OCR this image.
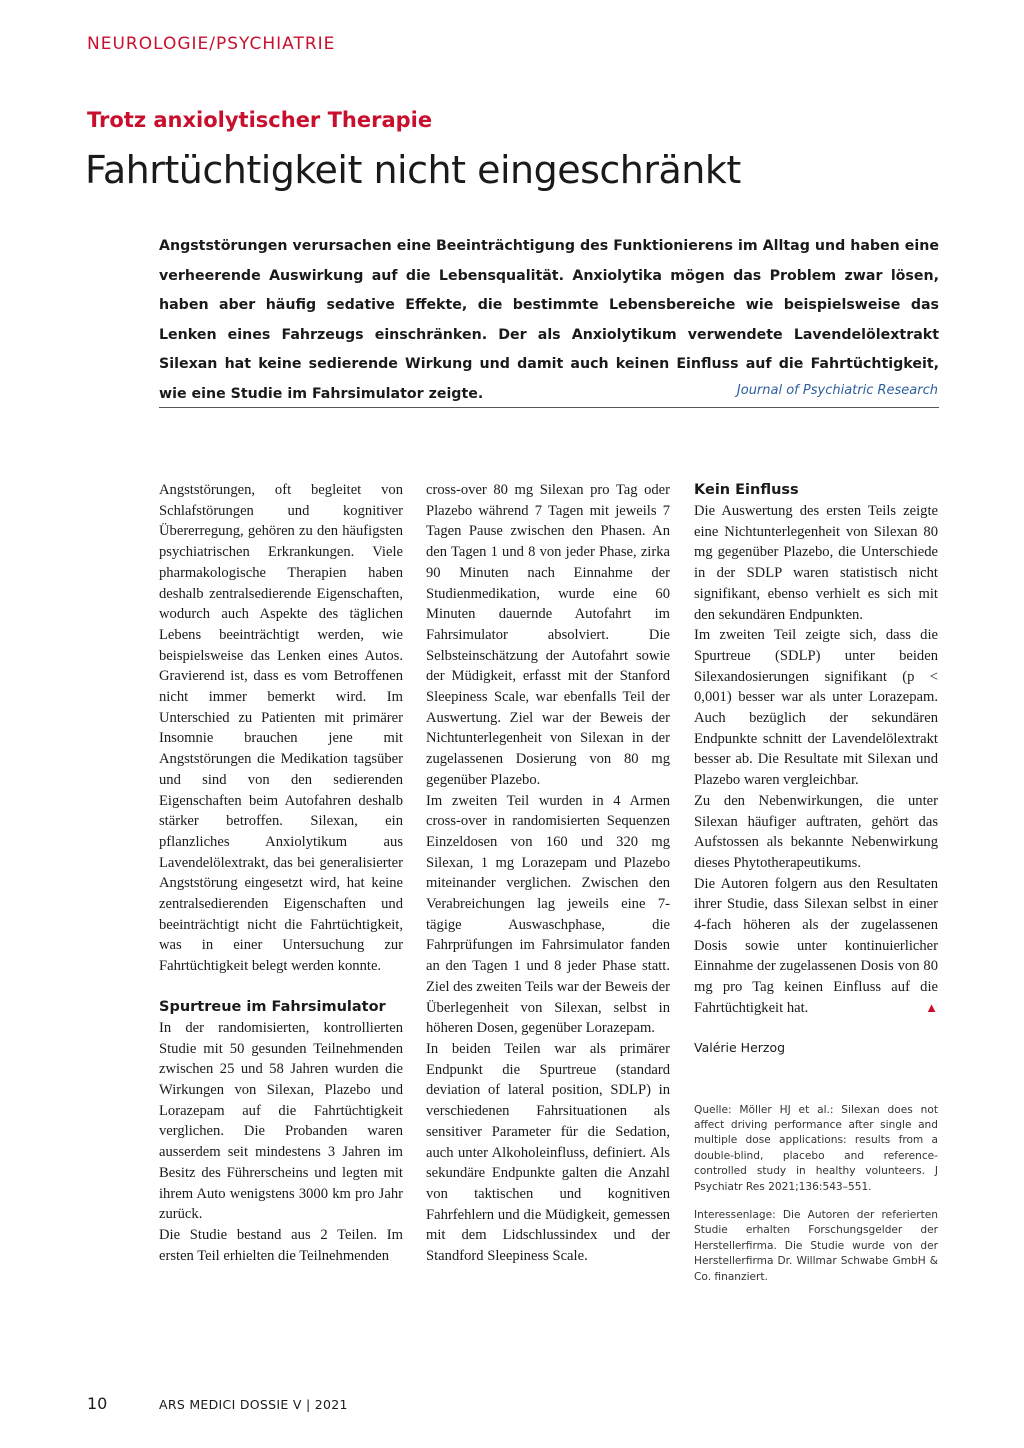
NEUROLOGIE/PSYCHIATRIE
Trotz anxiolytischer Therapie
Fahrtüchtigkeit nicht eingeschränkt
Angststörungen verursachen eine Beeinträchtigung des Funktionierens im Alltag und haben eine verheerende Auswirkung auf die Lebensqualität. Anxiolytika mögen das Problem zwar lösen, haben aber häufig sedative Effekte, die bestimmte Lebensbereiche wie beispielsweise das Lenken eines Fahrzeugs einschränken. Der als Anxiolytikum verwendete Lavendelölextrakt Silexan hat keine sedierende Wirkung und damit auch keinen Einfluss auf die Fahrtüchtigkeit, wie eine Studie im Fahrsimulator zeigte.	Journal of Psychiatric Research

Angststörungen, oft begleitet von Schlafstörungen und kognitiver Übererregung, gehören zu den häufigsten psychiatrischen Erkrankungen. Viele pharmakologische Therapien haben deshalb zentralsedierende Eigenschaften, wodurch auch Aspekte des täglichen Lebens beeinträchtigt werden, wie beispielsweise das Lenken eines Autos. Gravierend ist, dass es vom Betroffenen nicht immer bemerkt wird. Im Unterschied zu Patienten mit primärer Insomnie brauchen jene mit Angststörungen die Medikation tagsüber und sind von den sedierenden Eigenschaften beim Autofahren deshalb stärker betroffen. Silexan, ein pflanzliches Anxiolytikum aus Lavendelölextrakt, das bei generalisierter Angststörung eingesetzt wird, hat keine zentralsedierenden Eigenschaften und beeinträchtigt nicht die Fahrtüchtigkeit, was in einer Untersuchung zur Fahrtüchtigkeit belegt werden konnte.

Spurtreue im Fahrsimulator

In der randomisierten, kontrollierten Studie mit 50 gesunden Teilnehmenden zwischen 25 und 58 Jahren wurden die Wirkungen von Silexan, Plazebo und Lorazepam auf die Fahrtüchtigkeit verglichen. Die Probanden waren ausserdem seit mindestens 3 Jahren im Besitz des Führerscheins und legten mit ihrem Auto wenigstens 3000 km pro Jahr zurück.

Die Studie bestand aus 2 Teilen. Im ersten Teil erhielten die Teilnehmenden

cross-over 80 mg Silexan pro Tag oder Plazebo während 7 Tagen mit jeweils 7 Tagen Pause zwischen den Phasen. An den Tagen 1 und 8 von jeder Phase, zirka 90 Minuten nach Einnahme der Studienmedikation, wurde eine 60 Minuten dauernde Autofahrt im Fahrsimulator absolviert. Die Selbsteinschätzung der Autofahrt sowie der Müdigkeit, erfasst mit der Stanford Sleepiness Scale, war ebenfalls Teil der Auswertung. Ziel war der Beweis der Nichtunterlegenheit von Silexan in der zugelassenen Dosierung von 80 mg gegenüber Plazebo.

Im zweiten Teil wurden in 4 Armen cross-over in randomisierten Sequenzen Einzeldosen von 160 und 320 mg Silexan, 1 mg Lorazepam und Plazebo miteinander verglichen. Zwischen den Verabreichungen lag jeweils eine 7-tägige Auswaschphase, die Fahrprüfungen im Fahrsimulator fanden an den Tagen 1 und 8 jeder Phase statt. Ziel des zweiten Teils war der Beweis der Überlegenheit von Silexan, selbst in höheren Dosen, gegenüber Lorazepam.

In beiden Teilen war als primärer Endpunkt die Spurtreue (standard deviation of lateral position, SDLP) in verschiedenen Fahrsituationen als sensitiver Parameter für die Sedation, auch unter Alkoholeinfluss, definiert. Als sekundäre Endpunkte galten die Anzahl von taktischen und kognitiven Fahrfehlern und die Müdigkeit, gemessen mit dem Lidschlussindex und der Standford Sleepiness Scale.

Kein Einfluss

Die Auswertung des ersten Teils zeigte eine Nichtunterlegenheit von Silexan 80 mg gegenüber Plazebo, die Unterschiede in der SDLP waren statistisch nicht signifikant, ebenso verhielt es sich mit den sekundären Endpunkten.

Im zweiten Teil zeigte sich, dass die Spurtreue (SDLP) unter beiden Silexandosierungen signifikant (p < 0,001) besser war als unter Lorazepam. Auch bezüglich der sekundären Endpunkte schnitt der Lavendelölextrakt besser ab. Die Resultate mit Silexan und Plazebo waren vergleichbar.

Zu den Nebenwirkungen, die unter Silexan häufiger auftraten, gehört das Aufstossen als bekannte Nebenwirkung dieses Phytotherapeutikums.

Die Autoren folgern aus den Resultaten ihrer Studie, dass Silexan selbst in einer 4-fach höheren als der zugelassenen Dosis sowie unter kontinuierlicher Einnahme der zugelassenen Dosis von 80 mg pro Tag keinen Einfluss auf die Fahrtüchtigkeit hat.	▲

Valérie Herzog
Quelle: Möller HJ et al.: Silexan does not affect driving performance after single and multiple dose applications: results from a double-blind, placebo and reference-controlled study in healthy volunteers. J Psychiatr Res 2021;136:543–551.
Interessenlage: Die Autoren der referierten Studie erhalten Forschungsgelder der Herstellerfirma. Die Studie wurde von der Herstellerfirma Dr. Willmar Schwabe GmbH & Co. finanziert.
10	ARS MEDICI DOSSIE V | 2021
